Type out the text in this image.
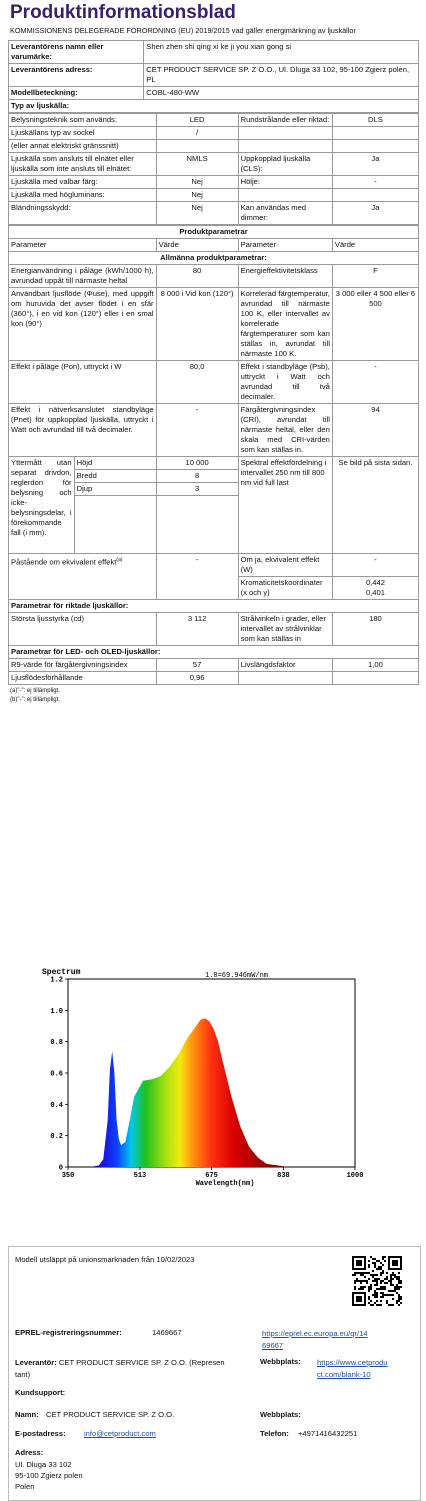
Produktinformationsblad
KOMMISSIONENS DELEGERADE FÖRORDNING (EU) 2019/2015 vad gäller energimärkning av ljuskällor
Leverantörens namn eller varumärke:	Shen zhen shi qing xi ke ji you xian gong si
Leverantörens adress:	CET PRODUCT SERVICE SP. Z O.O., Ul. Dluga 33 102, 95-100 Zgierz polen, PL
Modellbeteckning:	COBL-480-WW
Typ av ljuskälla:	
Belysningsteknik som används:	LED	Rundstrålande eller riktad:	DLS
Ljuskällans typ av sockel	/		
(eller annat elektriskt gränssnitt)			
Ljuskälla som ansluts till elnätet eller ljuskälla som inte ansluts till elnätet:	NMLS	Uppkopplad ljuskälla (CLS):	Ja
Ljuskälla med valbar färg:	Nej	Hölje:	-
Ljuskälla med högluminans:	Nej		
Bländningsskydd:	Nej	Kan användas med dimmer:	Ja
Produktparametrar				
Parameter		Värde	Parameter	Värde
Allmänna produktparametrar:				
Energianvändning i påläge (kWh/1000 h), avrundad uppåt till närmaste heltal		80	Energieffektivitetsklass	F
Användbart ljusflöde (Φuse), med uppgift om huruvida det avser flödet i en sfär (360°), i en vid kon (120°) eller i en smal kon (90°)		8 000 i Vid kon (120°)	Korrelerad färgtemperatur, avrundad till närmaste 100 K, eller intervallet av korrelerade färgtemperaturer som kan ställas in, avrundat till närmaste 100 K.	3 000 eller 4 500 eller 6 500
Effekt i påläge (Pon), uttryckt i W		80,0	Effekt i standbyläge (Psb), uttryckt i Watt och avrundad till två decimaler.	-
Effekt i nätverksanslutet standbyläge (Pnet) för uppkopplad ljuskälla, uttryckt i Watt och avrundad till två decimaler.		-	Färgåtergivningsindex (CRI), avrundat till närmaste heltal, eller den skala med CRI-värden som kan ställas in.	94
Yttermått utan separat drivdon, reglerdon för belysning och icke-belysningsdelar, i förekommande fall (i mm).	Höjd	10 000	Spektral effektfördelning i intervallet 250 nm till 800 nm vid full last	Se bild på sista sidan.
	Bredd	8		
	Djup	3		

Påstående om ekvivalent effekt$^{(a)}$		-	Om ja, ekvivalent effekt (W)	-
			Kromaticitetskoordinater (x och y)	0,442
0,401

Parametrar för riktade ljuskällor:				
Största ljusstyrka (cd)		3 112	Strålvinkeln i grader, eller intervallet av strålvinklar som kan ställas in	180
Parametrar för LED- och OLED-ljuskällor:				
R9-värde för färgåtergivningsindex		57	Livslängdsfaktor	1,00
Ljusflödesförhållande		0,96		
(a)"-": ej tillämpligt.
(b)"-": ej tillämpligt.
Spectrum	1.0=69.946mW/nm
0
0.2
0.4
0.6
0.8
1.0
1.2
350	513	675	838	1000
Wavelength(nm)
Modell utsläppt på unionsmarknaden från 10/02/2023
EPREL-registreringsnummer:	1469667	https://eprel.ec.europa.eu/qr/14
69667
Leverantör: CET PRODUCT SERVICE SP. Z O.O. (Represen tant)
Webbplats: https://www.cetprodu
ct.com/blank-10
Kundsupport:
Namn: CET PRODUCT SERVICE SP. Z O.O.	Webbplats:
E-postadress: info@cetproduct.com	Telefon: +4971416432251
Adress:
Ul. Dluga 33 102
95-100 Zgierz polen
Polen
